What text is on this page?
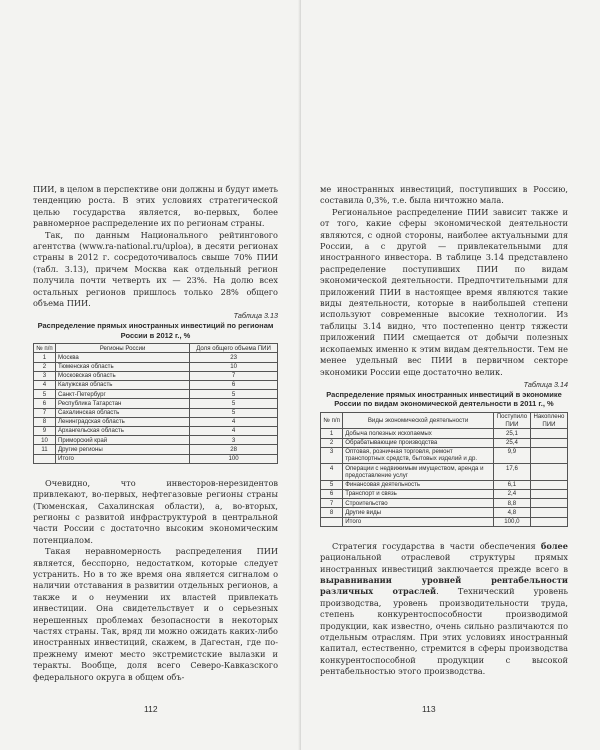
ПИИ, в целом в перспективе они должны и будут иметь тенденцию роста. В этих условиях стратегической целью государства является, во-первых, более равномерное распределение их по регионам страны.

Так, по данным Национального рейтингового агентства (www.ra-national.ru/uploa), в десяти регионах страны в 2012 г. сосредоточивалось свыше 70% ПИИ (табл. 3.13), причем Москва как отдельный регион получила почти четверть их — 23%. На долю всех остальных регионов пришлось только 28% общего объема ПИИ.

Таблица 3.13
Распределение прямых иностранных инвестиций по регионам России в 2012 г., %
№ п/п	Регионы России	Доля общего объема ПИИ
1	Москва	23
2	Тюменская область	10
3	Московская область	7
4	Калужская область	6
5	Санкт-Петербург	5
6	Республика Татарстан	5
7	Сахалинская область	5
8	Ленинградская область	4
9	Архангельская область	4
10	Приморский край	3
11	Другие регионы	28
	Итого	100

Очевидно, что инвесторов-нерезидентов привлекают, во-первых, нефтегазовые регионы страны (Тюменская, Сахалинская области), а, во-вторых, регионы с развитой инфраструктурой в центральной части России с достаточно высоким экономическим потенциалом.

Такая неравномерность распределения ПИИ является, бесспорно, недостатком, которые следует устранить. Но в то же время она является сигналом о наличии отставания в развитии отдельных регионов, а также и о неумении их властей привлекать инвестиции. Она свидетельствует и о серьезных нерешенных проблемах безопасности в некоторых частях страны. Так, вряд ли можно ожидать каких-либо иностранных инвестиций, скажем, в Дагестан, где по-прежнему имеют место экстремистские вылазки и теракты. Вообще, доля всего Северо-Кавказского федерального округа в общем объ-

112

ме иностранных инвестиций, поступивших в Россию, составила 0,3%, т.е. была ничтожно мала.

Региональное распределение ПИИ зависит также и от того, какие сферы экономической деятельности являются, с одной стороны, наиболее актуальными для России, а с другой — привлекательными для иностранного инвестора. В таблице 3.14 представлено распределение поступивших ПИИ по видам экономической деятельности. Предпочтительными для приложений ПИИ в настоящее время являются такие виды деятельности, которые в наибольшей степени используют современные высокие технологии. Из таблицы 3.14 видно, что постепенно центр тяжести приложений ПИИ смещается от добычи полезных ископаемых именно к этим видам деятельности. Тем не менее удельный вес ПИИ в первичном секторе экономики России еще достаточно велик.

Таблица 3.14
Распределение прямых иностранных инвестиций в экономике России по видам экономической деятельности в 2011 г., %
№ п/п	Виды экономической деятельности	Поступило ПИИ	Накоплено ПИИ
1	Добыча полезных ископаемых	25,1	
2	Обрабатывающие производства	25,4	
3	Оптовая, розничная торговля, ремонт транспортных средств, бытовых изделий и др.	9,9	
4	Операции с недвижимым имуществом, аренда и предоставление услуг	17,6	
5	Финансовая деятельность	6,1	
6	Транспорт и связь	2,4	
7	Строительство	8,8	
8	Другие виды	4,8	
	Итого	100,0	

Стратегия государства в части обеспечения более рациональной отраслевой структуры прямых иностранных инвестиций заключается прежде всего в выравнивании уровней рентабельности различных отраслей. Технический уровень производства, уровень производительности труда, степень конкурентоспособности производимой продукции, как известно, очень сильно различаются по отдельным отраслям. При этих условиях иностранный капитал, естественно, стремится в сферы производства конкурентоспособной продукции с высокой рентабельностью этого производства.

113
